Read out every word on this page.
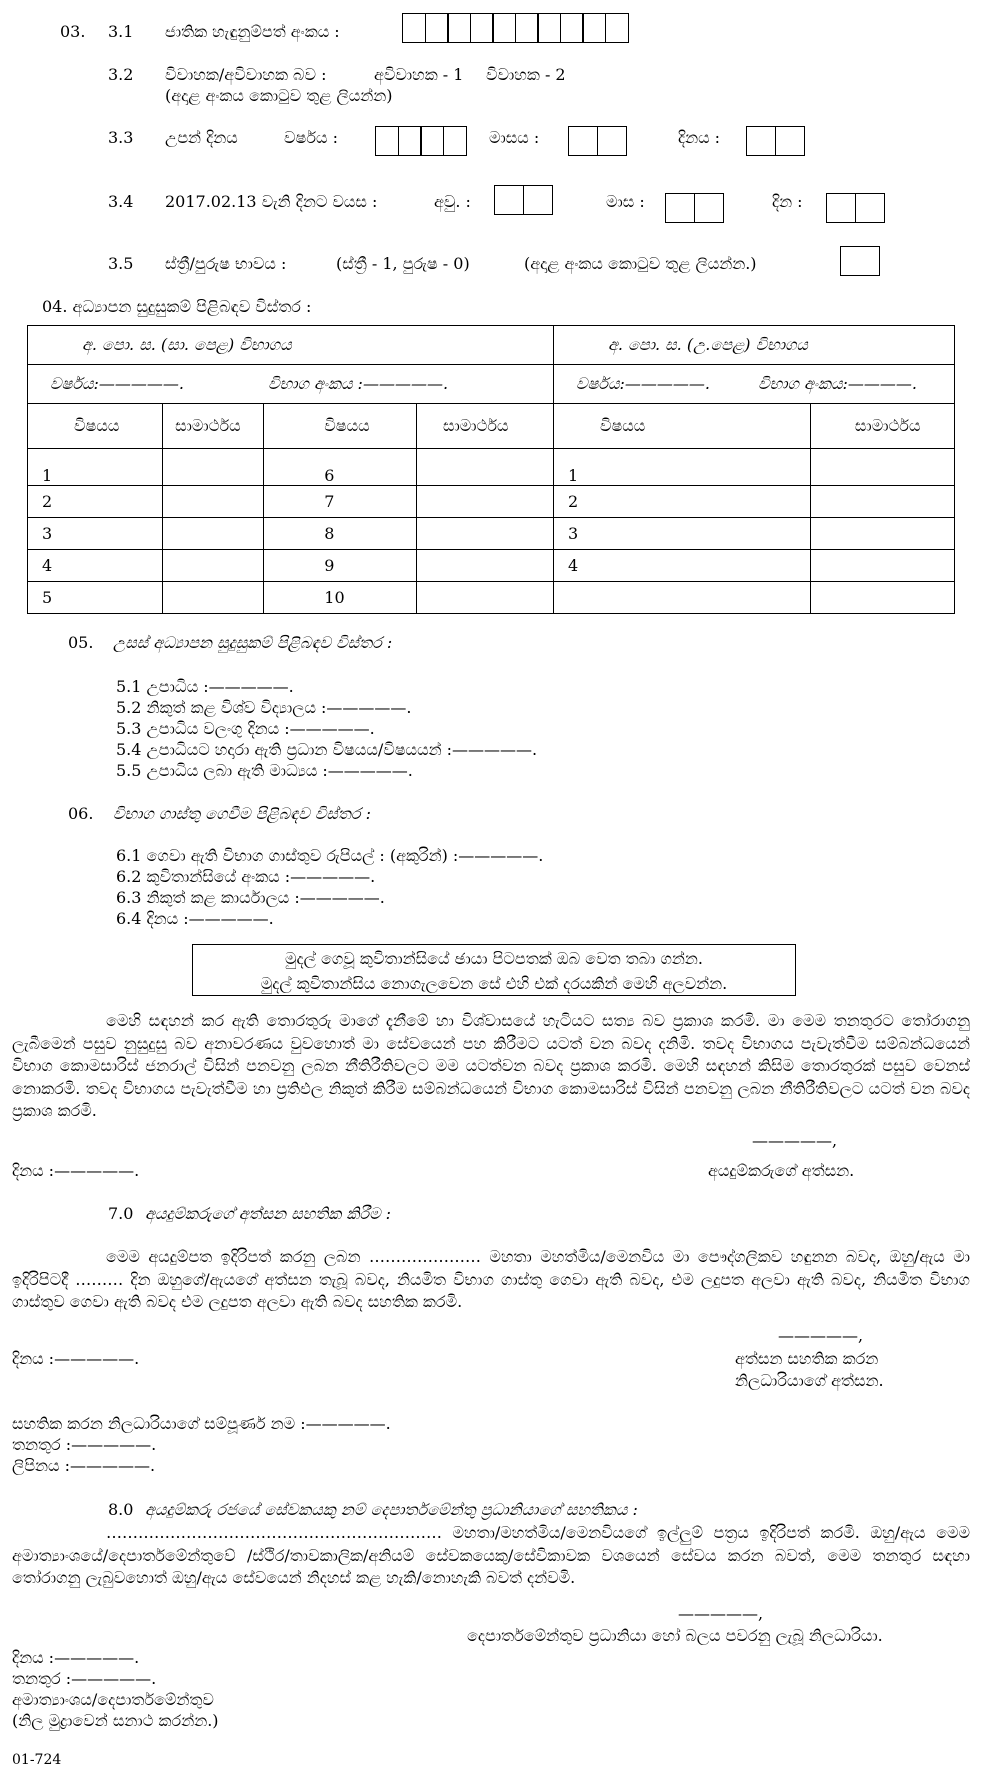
03. 3.1 ජාතික හැඳුනුම්පත් අංකය :
3.2 විවාහක/අවිවාහක බව :	අවිවාහක - 1 විවාහක - 2
(අදාළ අංකය කොටුව තුළ ලියන්න)
3.3 උපන් දිනය	වර්ෂය :	මාසය :	දිනය :
3.4 2017.02.13 වැනි දිනට වයස :	අවු. :	මාස :	දින :
3.5 ස්ත්‍රී/පුරුෂ භාවය :	(ස්ත්‍රී - 1, පුරුෂ - 0)	(අදාළ අංකය කොටුව තුළ ලියන්න.)
04. අධ්‍යාපන සුදුසුකම් පිළිබඳව විස්තර :
අ. පො. ස. (සා. පෙළ) විභාගය				අ. පො. ස. (උ.පෙළ) විභාගය	
වර්ෂය:—————. විභාග අංකය :—————.				වර්ෂය:—————. විභාග අංකය:————.	
විෂයය	සාමාර්ථය	විෂයය	සාමාර්ථය	විෂයය	සාමාර්ථය
1		6		1	
2		7		2	
3		8		3	
4		9		4	
5		10			
05. උසස් අධ්‍යාපන සුදුසුකම් පිළිබඳව විස්තර :
5.1 උපාධිය :—————.
5.2 නිකුත් කළ විශ්ව විද්‍යාලය :—————.
5.3 උපාධිය වලංගු දිනය :—————.
5.4 උපාධියට හදාරා ඇති ප්‍රධාන විෂයය/විෂයයන් :—————.
5.5 උපාධිය ලබා ඇති මාධ්‍යය :—————.
06. විභාග ගාස්තු ගෙවීම පිළිබඳව විස්තර :
6.1 ගෙවා ඇති විභාග ගාස්තුව රුපියල් : (අකුරින්) :—————.
6.2 කුවිතාන්සියේ අංකය :—————.
6.3 නිකුත් කළ කාර්යාලය :—————.
6.4 දිනය :—————.
මුදල් ගෙවූ කුවිතාන්සියේ ඡායා පිටපතක් ඔබ වෙත තබා ගන්න.
මුදල් කුවිතාන්සිය නොගැලවෙන සේ එහි එක් දරයකින් මෙහි අලවන්න.
මෙහි සඳහන් කර ඇති තොරතුරු මාගේ දැනීමේ හා විශ්වාසයේ හැටියට සත්‍ය බව ප්‍රකාශ කරමි. මා මෙම තනතුරට තෝරාගනු ලැබීමෙන් පසුව නුසුදුසු බව අනාවරණය වුවහොත් මා සේවයෙන් පහ කිරීමට යටත් වන බවද දනිමි. තවද විභාගය පැවැත්වීම සම්බන්ධයෙන් විභාග කොමසාරිස් ජනරාල් විසින් පනවනු ලබන නීතිරීතිවලට මම යටත්වන බවද ප්‍රකාශ කරමි. මෙහි සඳහන් කිසිම තොරතුරක් පසුව වෙනස් නොකරමි. තවද විභාගය පැවැත්වීම හා ප්‍රතිඵල නිකුත් කිරීම සම්බන්ධයෙන් විභාග කොමසාරිස් විසින් පනවනු ලබන නීතිරීතිවලට යටත් වන බවද ප්‍රකාශ කරමි.
—————,
දිනය :—————.	අයදුම්කරුගේ අත්සන.
7.0 අයදුම්කරුගේ අත්සන සහතික කිරීම :
මෙම අයදුම්පත ඉදිරිපත් කරනු ලබන ………………… මහතා මහත්මිය/මෙනවිය මා පෞද්ගලිකව හඳුනන බවද, ඔහු/ඇය මා ඉදිරිපිටදී ……… දින ඔහුගේ/ඇයගේ අත්සන තැබූ බවද, නියමිත විභාග ගාස්තු ගෙවා ඇති බවද, එම ලදුපත අලවා ඇති බවද, නියමිත විභාග ගාස්තුව ගෙවා ඇති බවද එම ලදුපත අලවා ඇති බවද සහතික කරමි.
—————,
දිනය :—————.	අත්සන සහතික කරන
නිලධාරියාගේ අත්සන.
සහතික කරන නිලධාරියාගේ සම්පූර්ණ නම :—————.
තනතුර :—————.
ලිපිනය :—————.
8.0 අයදුම්කරු රජයේ සේවකයකු නම් දෙපාර්තමේන්තු ප්‍රධානියාගේ සහතිකය :
……………………………………………………… මහතා/මහත්මිය/මෙනවියගේ ඉල්ලුම් පත්‍රය ඉදිරිපත් කරමි. ඔහු/ඇය මෙම අමාත්‍යාංශයේ/දෙපාර්තමේන්තුවේ /ස්ථිර/තාවකාලික/අනියම් සේවකයෙකු/සේවිකාවක වශයෙන් සේවය කරන බවත්, මෙම තනතුර සඳහා තෝරාගනු ලැබුවහොත් ඔහු/ඇය සේවයෙන් නිදහස් කළ හැකි/නොහැකි බවත් දන්වමි.
—————,
දෙපාර්තමේන්තුව ප්‍රධානියා හෝ බලය පවරනු ලැබූ නිලධාරියා.
දිනය :—————.
තනතුර :—————.
අමාත්‍යාංශය/දෙපාර්තමේන්තුව
(නිල මුද්‍රාවෙන් සනාථ කරන්න.)
01-724
